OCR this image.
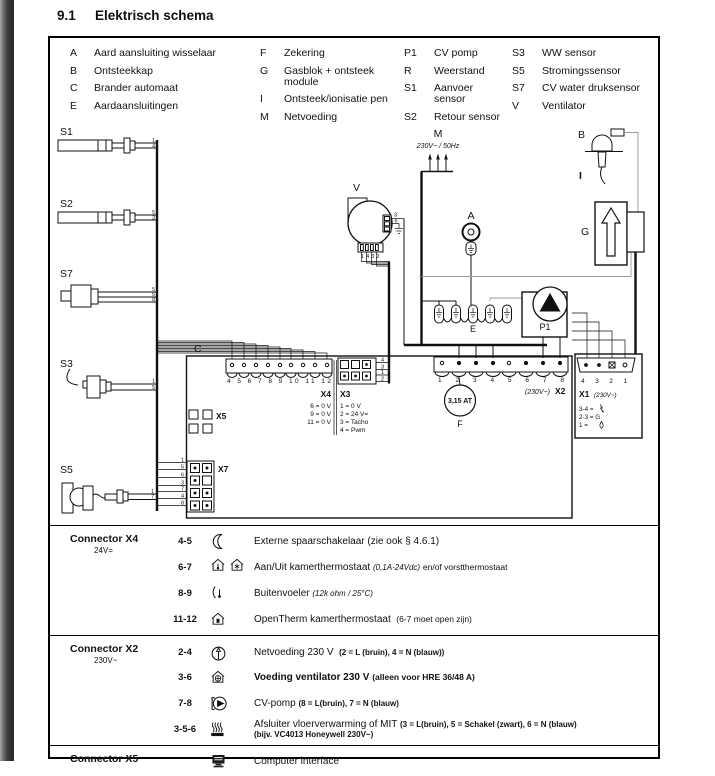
9.1 Elektrisch schema
A	Aard aansluiting wisselaar
B	Ontsteekkap
C	Brander automaat
E	Aardaansluitingen
F	Zekering
G	Gasblok + ontsteek module
I	Ontsteek/ionisatie pen
M	Netvoeding
P1	CV pomp
R	Weerstand
S1	Aanvoer sensor
S2	Retour sensor
S3	WW sensor
S5	Stromingssensor
S7	CV water druksensor
V	Ventilator
S1
1
4
S2
5
3
S7
5
6
8
S3
1
5
S5
1
7
C
X7
1
5
6
3
7
4
8
X5
4 5 6 7 8 9 10 11 12
X4
6 = 0 V
9 = 0 V
11 = 0 V
4
3
1
2
X3
1 = 0 V
2 = 24 V=
3 = Tacho
4 = Pwm
V
1 4 3 2
3
6
M
230V~ / 50Hz
A
E	P1
B
I
G
1 2 3 4 5 6 7 8
(230V~) X2
3,15 AT
F
4 3 2 1
X1 (230V~)
3-4 =
2-3 = G
1 =
Connector X4
24V=
4-5	Externe spaarschakelaar (zie ook § 4.6.1)
6-7	Aan/Uit kamerthermostaat (0,1A-24Vdc) en/of vorstthermostaat
8-9	Buitenvoeler (12k ohm / 25°C)
11-12	OpenTherm kamerthermostaat (6-7 moet open zijn)
Connector X2
230V~
2-4	Netvoeding 230 V (2 = L (bruin), 4 = N (blauw))
3-6	Voeding ventilator 230 V (alleen voor HRE 36/48 A)
7-8	CV-pomp (8 = L(bruin), 7 = N (blauw)
3-5-6	Afsluiter vloerverwarming of MIT (3 = L(bruin), 5 = Schakel (zwart), 6 = N (blauw)
(bijv. VC4013 Honeywell 230V~)
Connector X5	Computer interface
